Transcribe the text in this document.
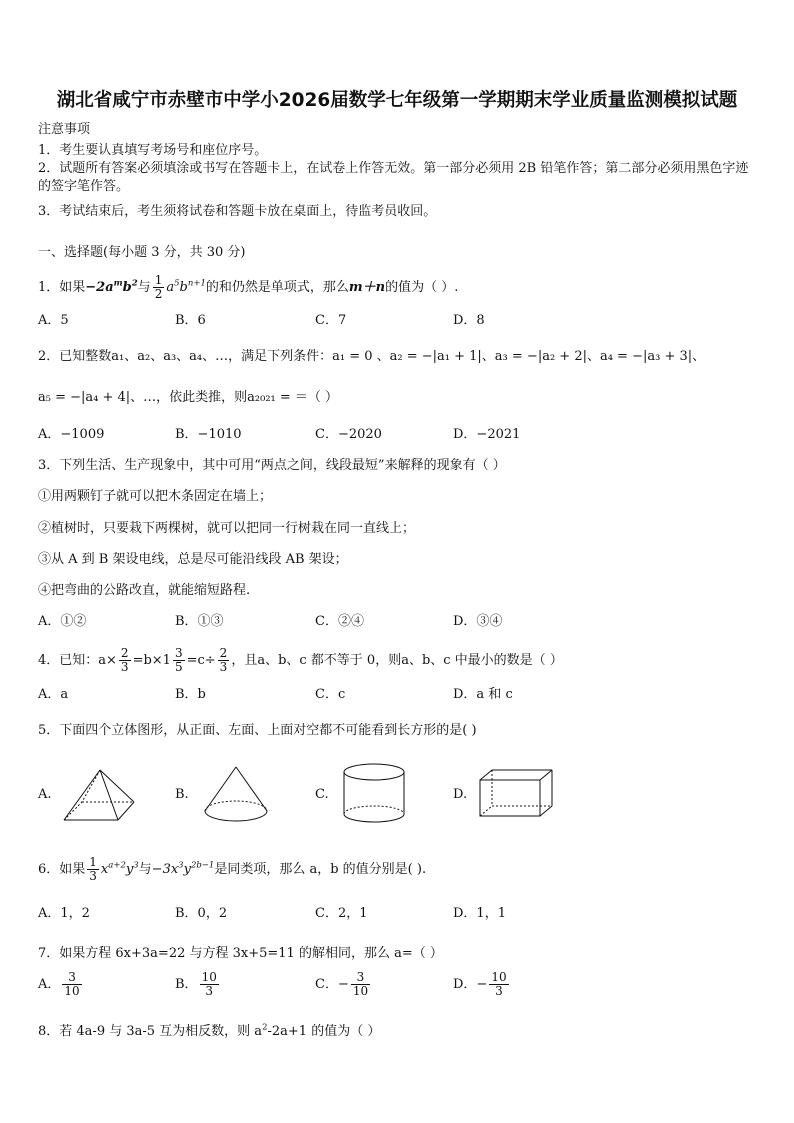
湖北省咸宁市赤壁市中学小2026届数学七年级第一学期期末学业质量监测模拟试题
注意事项
1．考生要认真填写考场号和座位序号。
2．试题所有答案必须填涂或书写在答题卡上，在试卷上作答无效。第一部分必须用 2B 铅笔作答；第二部分必须用黑色字迹的签字笔作答。
3．考试结束后，考生须将试卷和答题卡放在桌面上，待监考员收回。
一、选择题(每小题 3 分，共 30 分)
1．如果$-2a^mb^2$与 $\frac{1}{2} a^5b^{n+1}$的和仍然是单项式，那么m＋n的值为（ ）.
A．5	B．6	C．7	D．8
2．已知整数a₁、a₂、a₃、a₄、…，满足下列条件：a₁ = 0 、a₂ = −|a₁ + 1|、a₃ = −|a₂ + 2|、a₄ = −|a₃ + 3|、
a₅ = −|a₄ + 4|、…，依此类推，则a₂₀₂₁ = ＝（ ）
A．−1009	B．−1010	C．−2020	D．−2021
3．下列生活、生产现象中，其中可用“两点之间，线段最短”来解释的现象有（ ）
①用两颗钉子就可以把木条固定在墙上；
②植树时，只要栽下两棵树，就可以把同一行树栽在同一直线上；
③从 A 到 B 架设电线，总是尽可能沿线段 AB 架设；
④把弯曲的公路改直，就能缩短路程.
A．①②	B．①③	C．②④	D．③④
4．已知：$a\times \frac{2}{3} =b\times 1 \frac{3}{5} =c\div \frac{2}{3}$ ，且a、b、c 都不等于 0，则a、b、c 中最小的数是（ ）
A．a	B．b	C．c	D．a 和 c
5．下面四个立体图形，从正面、左面、上面对空都不可能看到长方形的是( )
A.	B.	C.	D.
6．如果 $\frac{1}{3} x^{a+2}y^3$与$-3x^3y^{2b-1}$是同类项，那么 a，b 的值分别是( ).
A．1，2	B．0，2	C．2，1	D．1，1
7．如果方程 6x+3a=22 与方程 3x+5=11 的解相同，那么 a=（ ）
A． $\frac{3}{10}$	B． $\frac{10}{3}$	C．− $\frac{3}{10}$	D．− $\frac{10}{3}$
8．若 4a-9 与 3a-5 互为相反数，则 $a^2-2a+1$ 的值为（ ）
